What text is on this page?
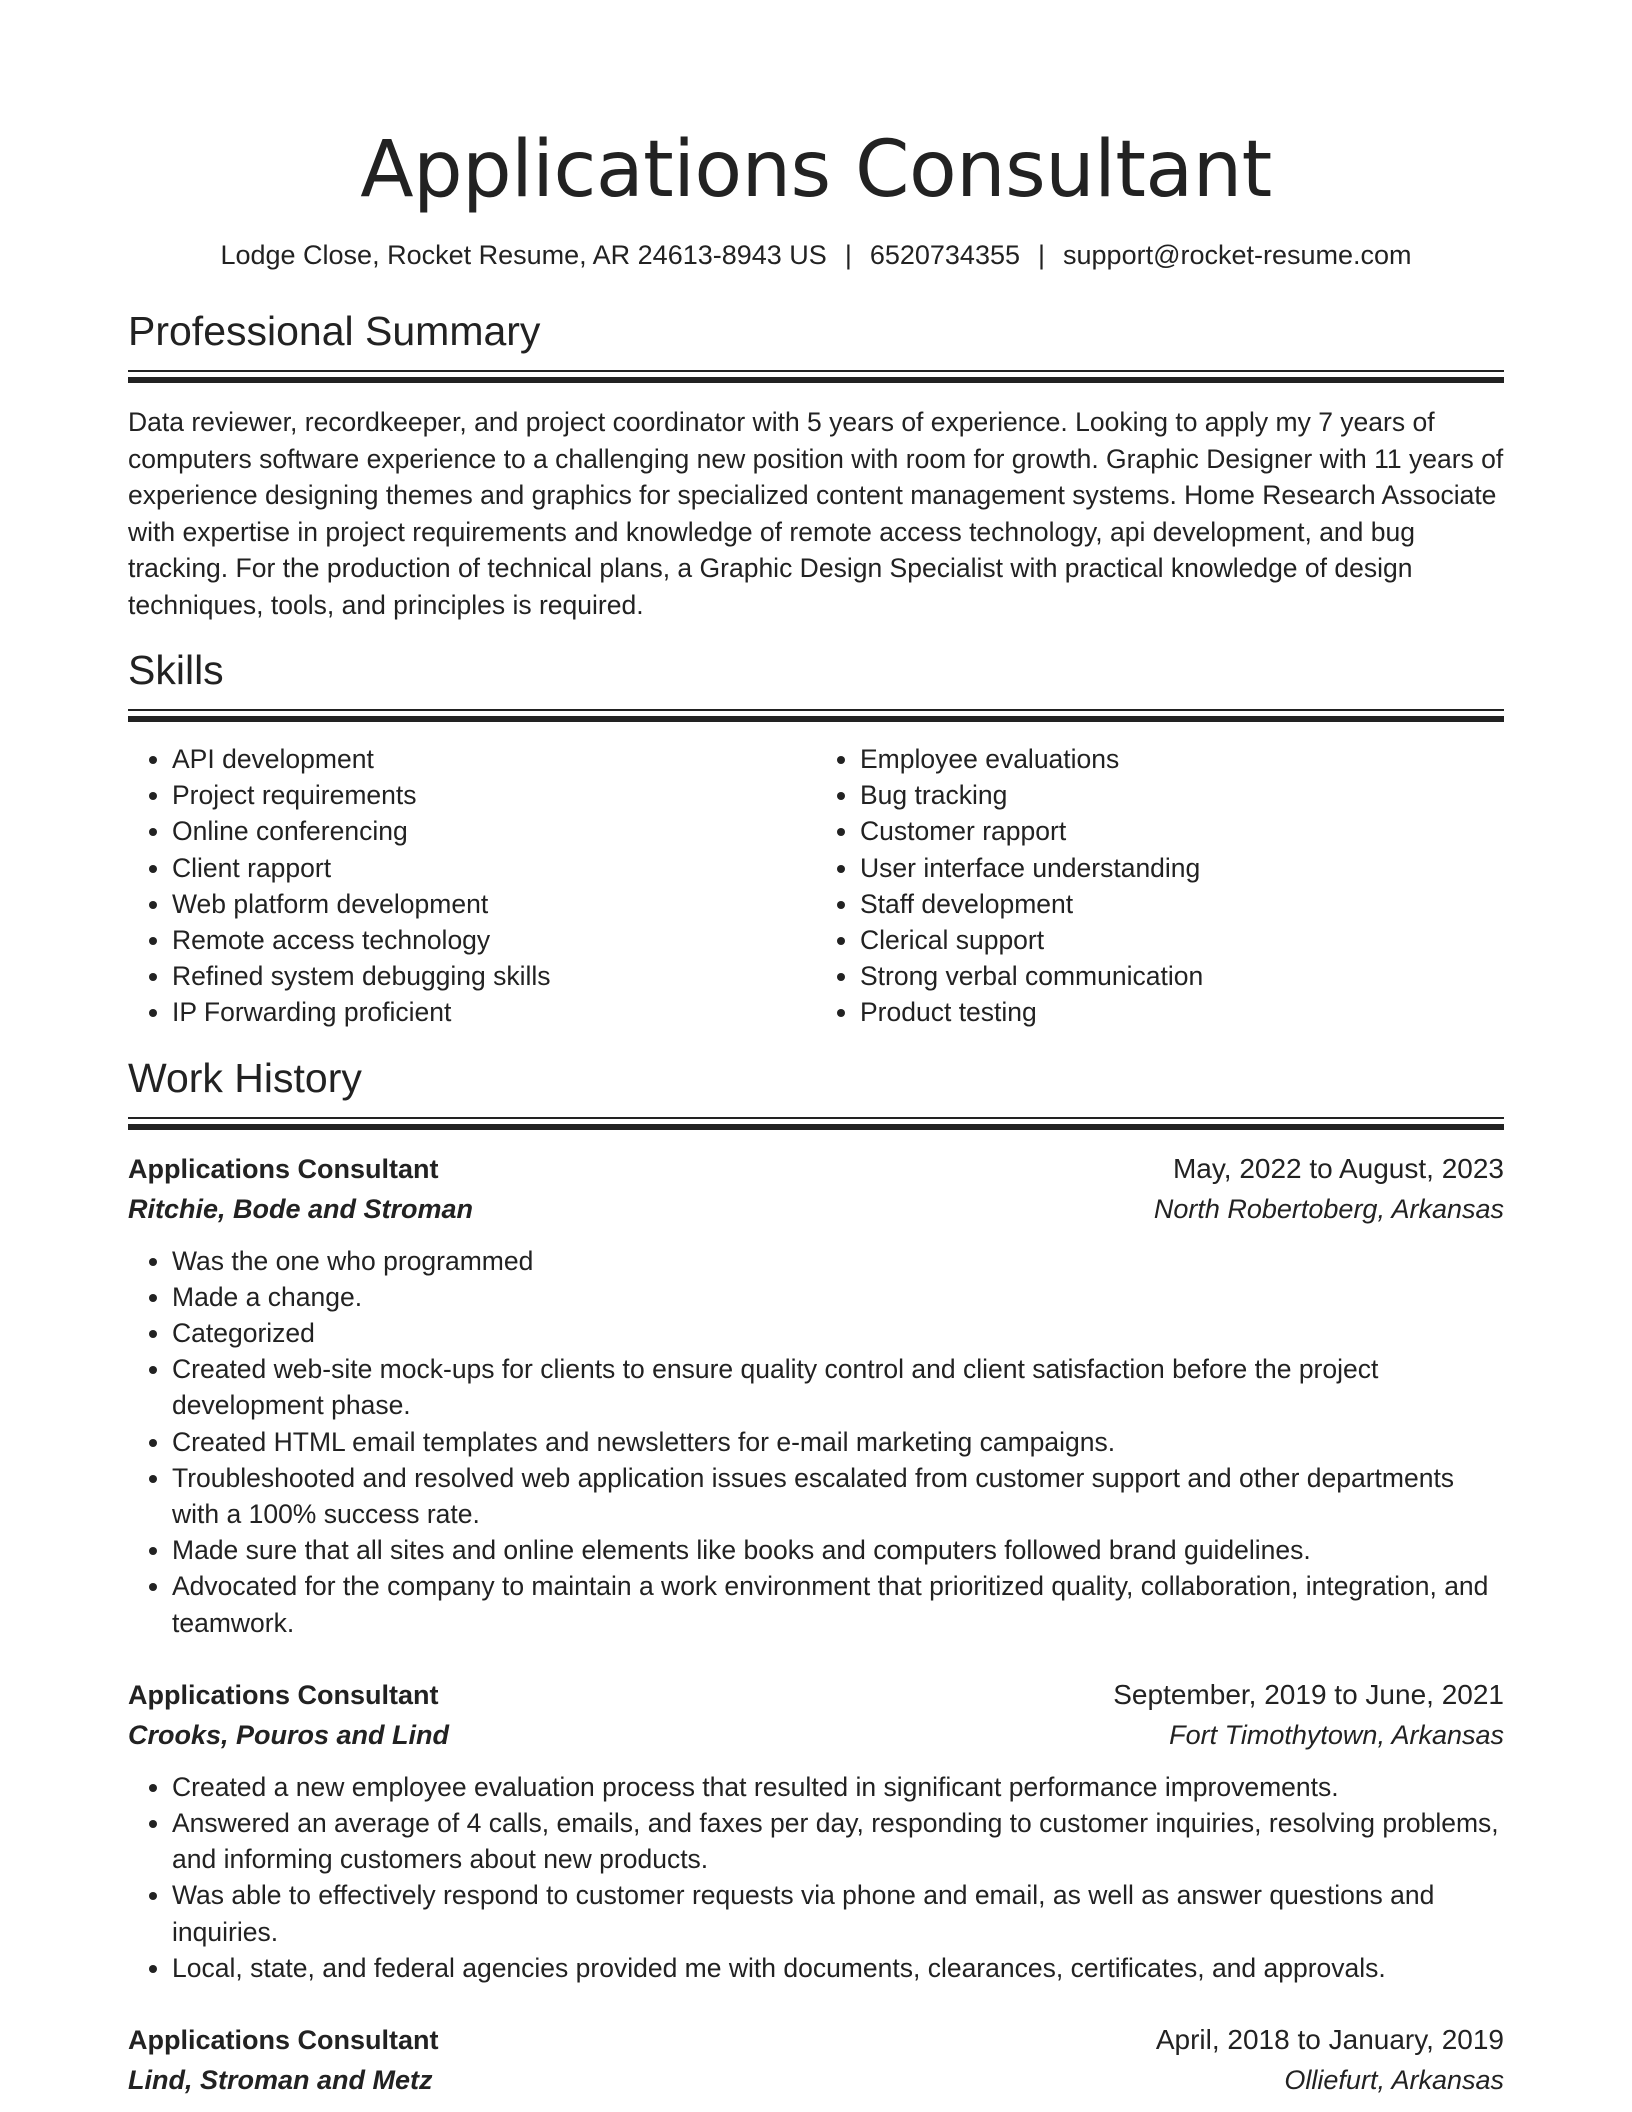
Applications Consultant
Lodge Close, Rocket Resume, AR 24613-8943 US | 6520734355 | support@rocket-resume.com
Professional Summary

Data reviewer, recordkeeper, and project coordinator with 5 years of experience. Looking to apply my 7 years of computers software experience to a challenging new position with room for growth. Graphic Designer with 11 years of experience designing themes and graphics for specialized content management systems. Home Research Associate with expertise in project requirements and knowledge of remote access technology, api development, and bug tracking. For the production of technical plans, a Graphic Design Specialist with practical knowledge of design techniques, tools, and principles is required.

Skills
• API development
• Project requirements
• Online conferencing
• Client rapport
• Web platform development
• Remote access technology
• Refined system debugging skills
• IP Forwarding proficient
• Employee evaluations
• Bug tracking
• Customer rapport
• User interface understanding
• Staff development
• Clerical support
• Strong verbal communication
• Product testing
Work History
Applications Consultant	May, 2022 to August, 2023
Ritchie, Bode and Stroman	North Robertoberg, Arkansas
• Was the one who programmed
• Made a change.
• Categorized
• Created web-site mock-ups for clients to ensure quality control and client satisfaction before the project development phase.
• Created HTML email templates and newsletters for e-mail marketing campaigns.
• Troubleshooted and resolved web application issues escalated from customer support and other departments with a 100% success rate.
• Made sure that all sites and online elements like books and computers followed brand guidelines.
• Advocated for the company to maintain a work environment that prioritized quality, collaboration, integration, and teamwork.
Applications Consultant	September, 2019 to June, 2021
Crooks, Pouros and Lind	Fort Timothytown, Arkansas
• Created a new employee evaluation process that resulted in significant performance improvements.
• Answered an average of 4 calls, emails, and faxes per day, responding to customer inquiries, resolving problems, and informing customers about new products.
• Was able to effectively respond to customer requests via phone and email, as well as answer questions and inquiries.
• Local, state, and federal agencies provided me with documents, clearances, certificates, and approvals.
Applications Consultant	April, 2018 to January, 2019
Lind, Stroman and Metz	Olliefurt, Arkansas
